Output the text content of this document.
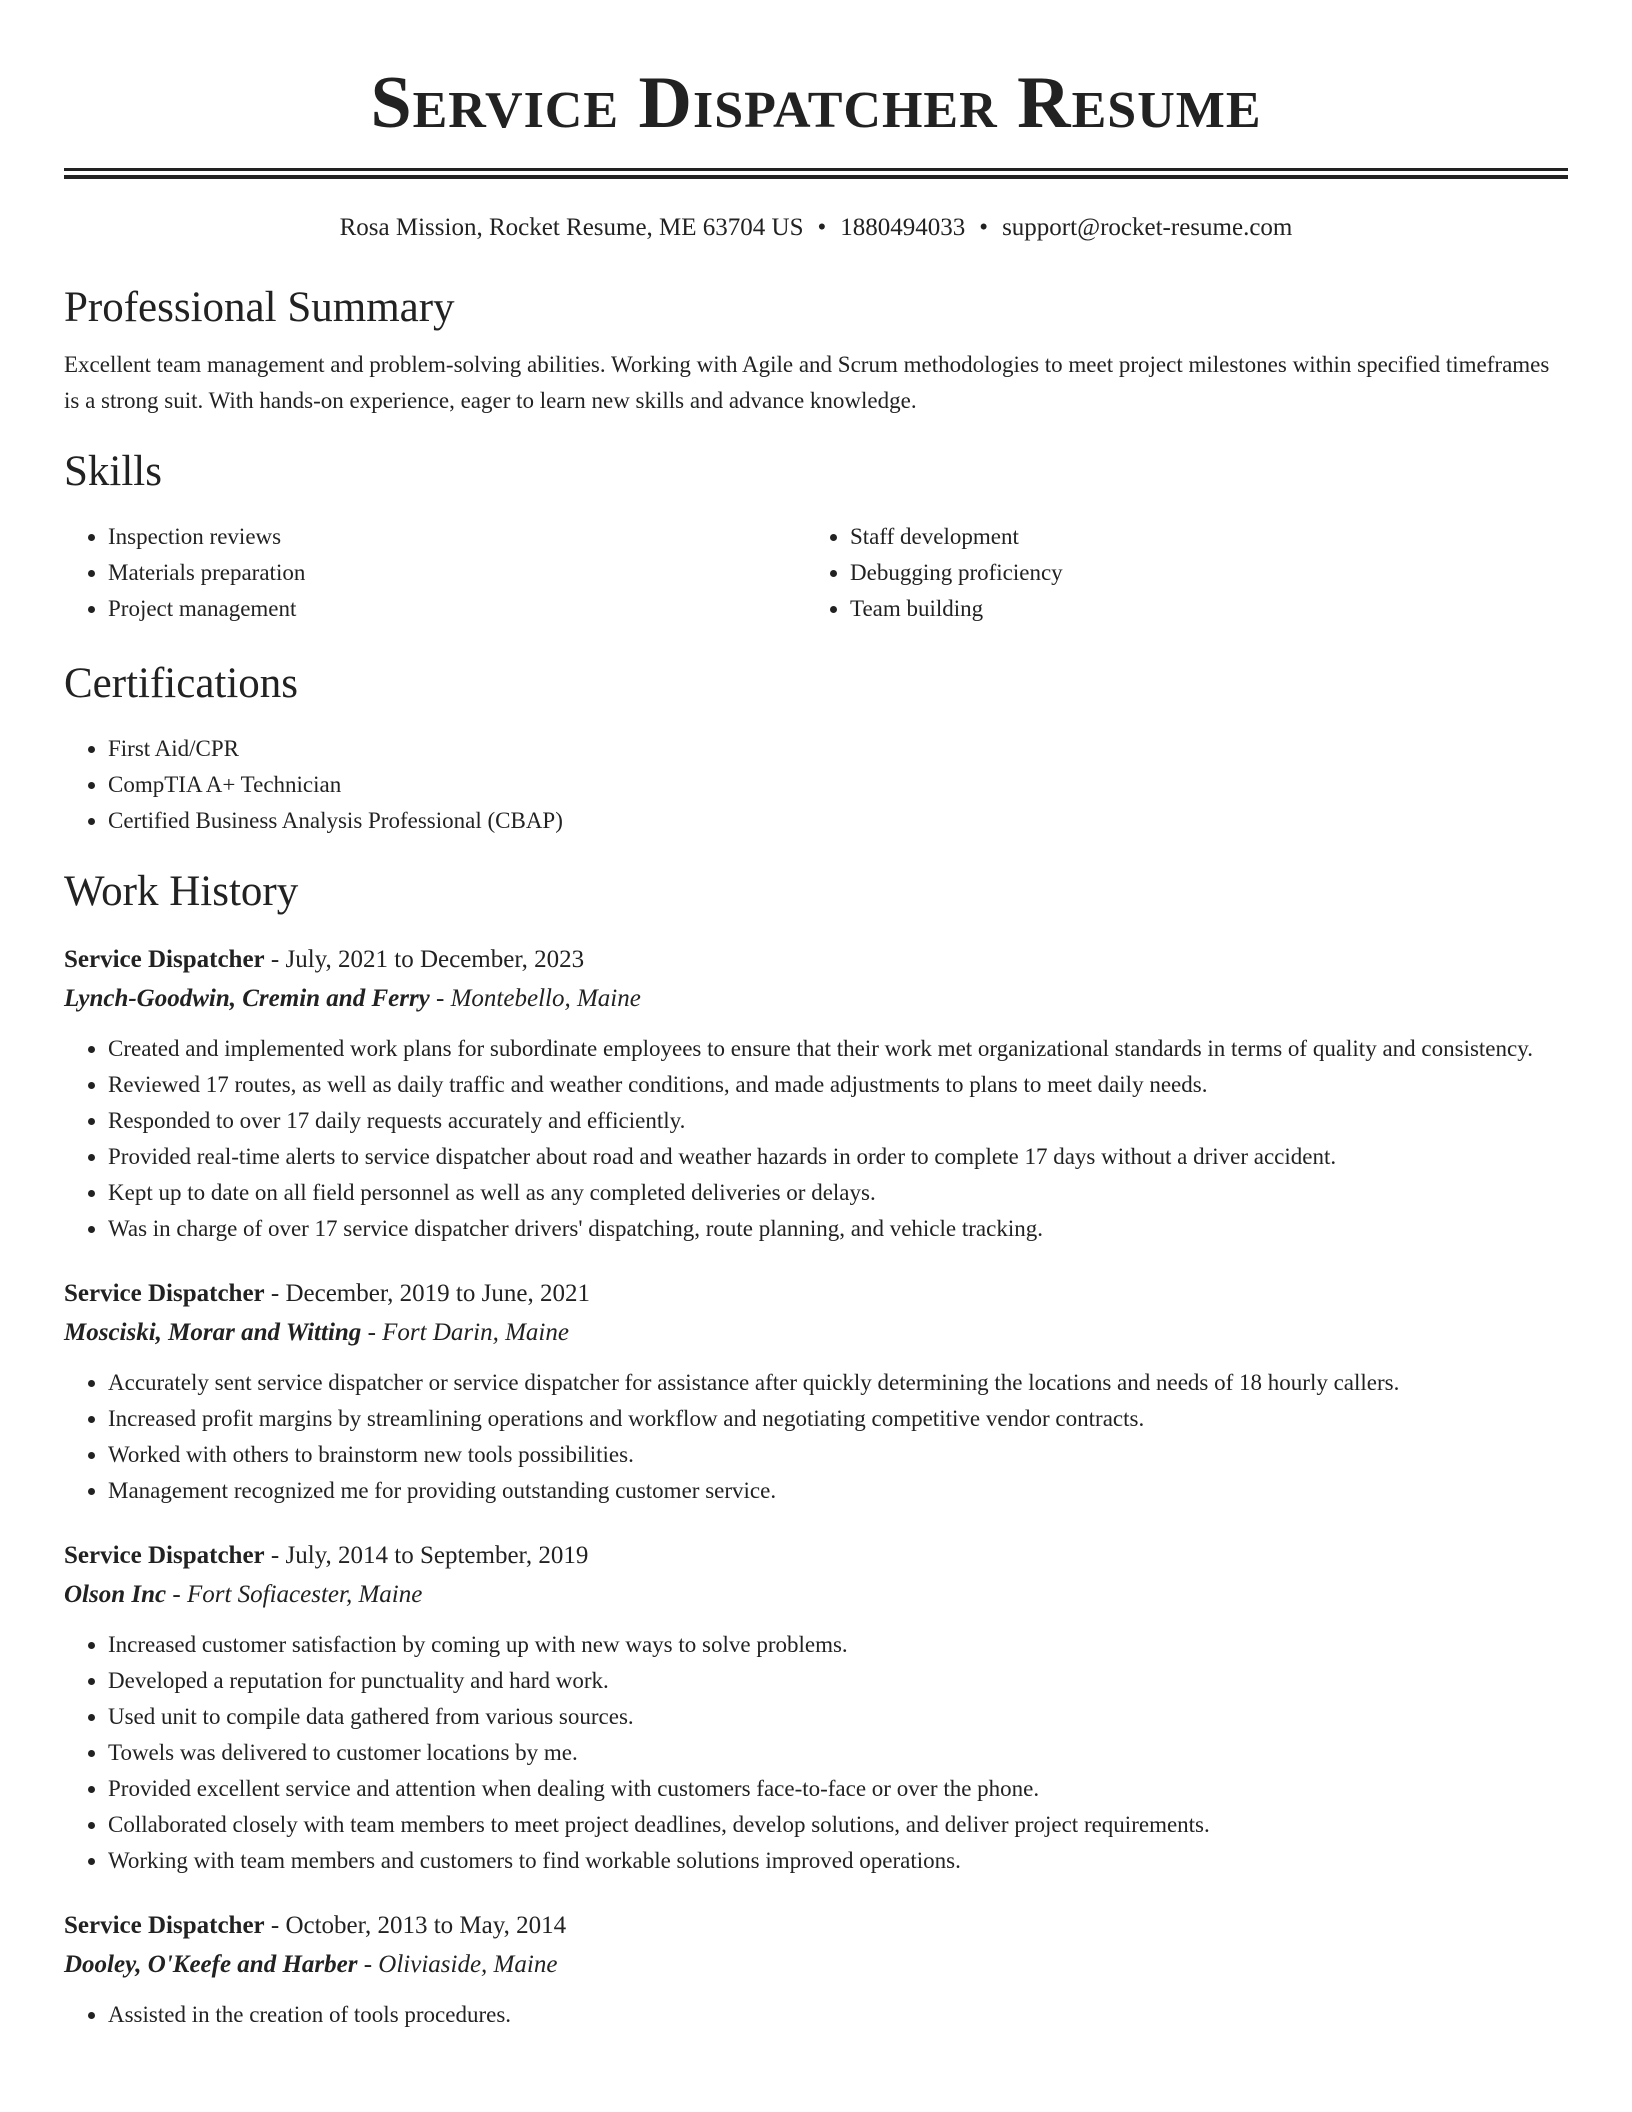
Service Dispatcher Resume
Rosa Mission, Rocket Resume, ME 63704 US • 1880494033 • support@rocket-resume.com
Professional Summary

Excellent team management and problem-solving abilities. Working with Agile and Scrum methodologies to meet project milestones within specified timeframes is a strong suit. With hands-on experience, eager to learn new skills and advance knowledge.

Skills
• Inspection reviews
• Materials preparation
• Project management
• Staff development
• Debugging proficiency
• Team building
Certifications
• First Aid/CPR
• CompTIA A+ Technician
• Certified Business Analysis Professional (CBAP)
Work History
Service Dispatcher - July, 2021 to December, 2023
Lynch-Goodwin, Cremin and Ferry - Montebello, Maine
• Created and implemented work plans for subordinate employees to ensure that their work met organizational standards in terms of quality and consistency.
• Reviewed 17 routes, as well as daily traffic and weather conditions, and made adjustments to plans to meet daily needs.
• Responded to over 17 daily requests accurately and efficiently.
• Provided real-time alerts to service dispatcher about road and weather hazards in order to complete 17 days without a driver accident.
• Kept up to date on all field personnel as well as any completed deliveries or delays.
• Was in charge of over 17 service dispatcher drivers' dispatching, route planning, and vehicle tracking.
Service Dispatcher - December, 2019 to June, 2021
Mosciski, Morar and Witting - Fort Darin, Maine
• Accurately sent service dispatcher or service dispatcher for assistance after quickly determining the locations and needs of 18 hourly callers.
• Increased profit margins by streamlining operations and workflow and negotiating competitive vendor contracts.
• Worked with others to brainstorm new tools possibilities.
• Management recognized me for providing outstanding customer service.
Service Dispatcher - July, 2014 to September, 2019
Olson Inc - Fort Sofiacester, Maine
• Increased customer satisfaction by coming up with new ways to solve problems.
• Developed a reputation for punctuality and hard work.
• Used unit to compile data gathered from various sources.
• Towels was delivered to customer locations by me.
• Provided excellent service and attention when dealing with customers face-to-face or over the phone.
• Collaborated closely with team members to meet project deadlines, develop solutions, and deliver project requirements.
• Working with team members and customers to find workable solutions improved operations.
Service Dispatcher - October, 2013 to May, 2014
Dooley, O'Keefe and Harber - Oliviaside, Maine
• Assisted in the creation of tools procedures.
